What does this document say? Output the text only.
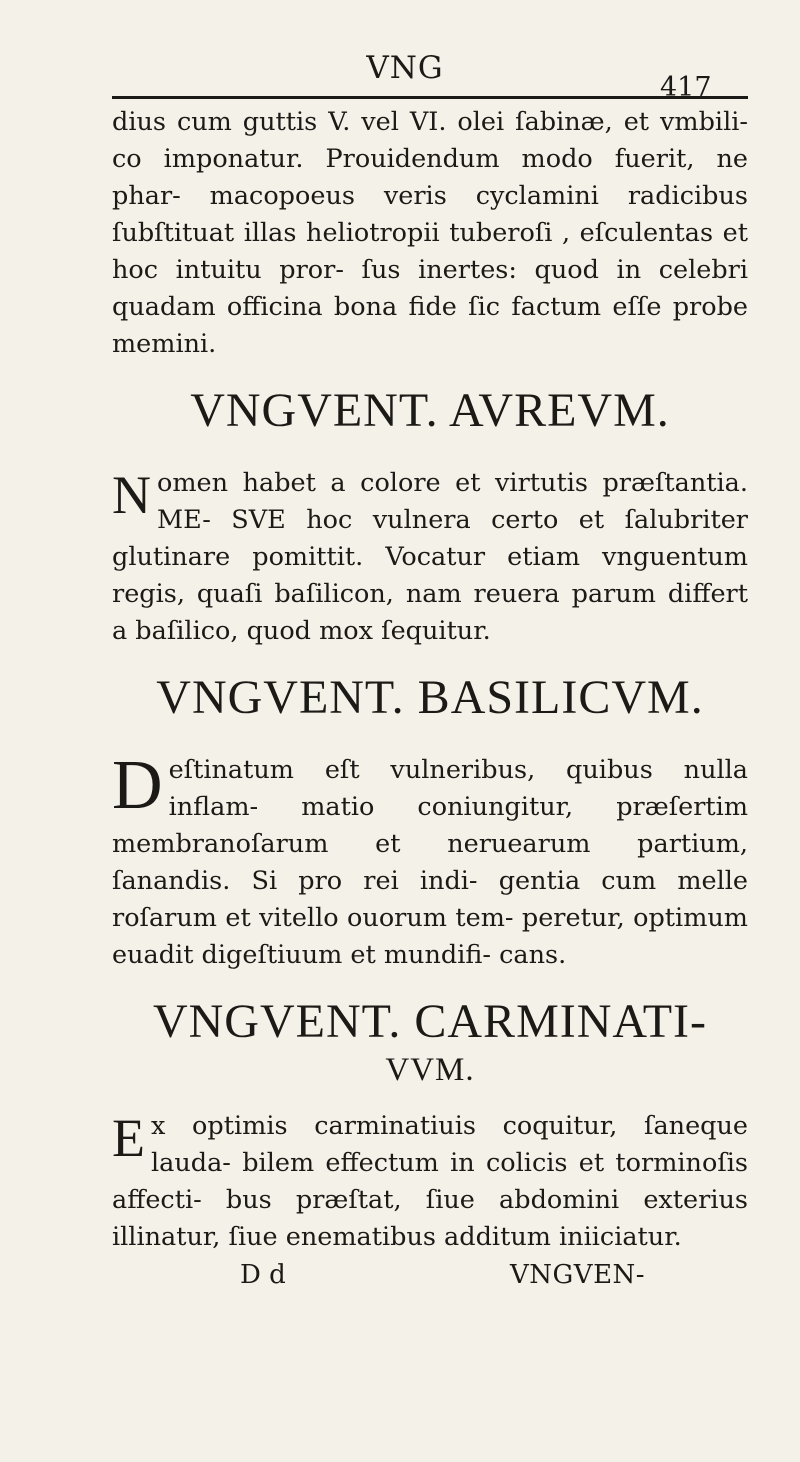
VNG
417

dius cum guttis V. vel VI. olei ſabinæ, et vmbili- co imponatur. Prouidendum modo fuerit, ne phar- macopoeus veris cyclamini radicibus ſubſtituat illas heliotropii tuberoſi , eſculentas et hoc intuitu pror- ſus inertes: quod in celebri quadam officina bona fide ſic factum eſſe probe memini.

VNGVENT. AVREVM.

Nomen habet a colore et virtutis præſtantia. ME- SVE hoc vulnera certo et ſalubriter glutinare pomittit. Vocatur etiam vnguentum regis, quaſi baſilicon, nam reuera parum differt a baſilico, quod mox ſequitur.

VNGVENT. BASILICVM.

Deſtinatum eſt vulneribus, quibus nulla inflam- matio coniungitur, præſertim membranoſarum et neruearum partium, ſanandis. Si pro rei indi- gentia cum melle roſarum et vitello ouorum tem- peretur, optimum euadit digeſtiuum et mundifi- cans.

VNGVENT. CARMINATI-
VVM.

Ex optimis carminatiuis coquitur, ſaneque lauda- bilem effectum in colicis et torminoſis affecti- bus præſtat, ſiue abdomini exterius illinatur, ſiue enematibus additum iniiciatur.

D d	VNGVEN-
